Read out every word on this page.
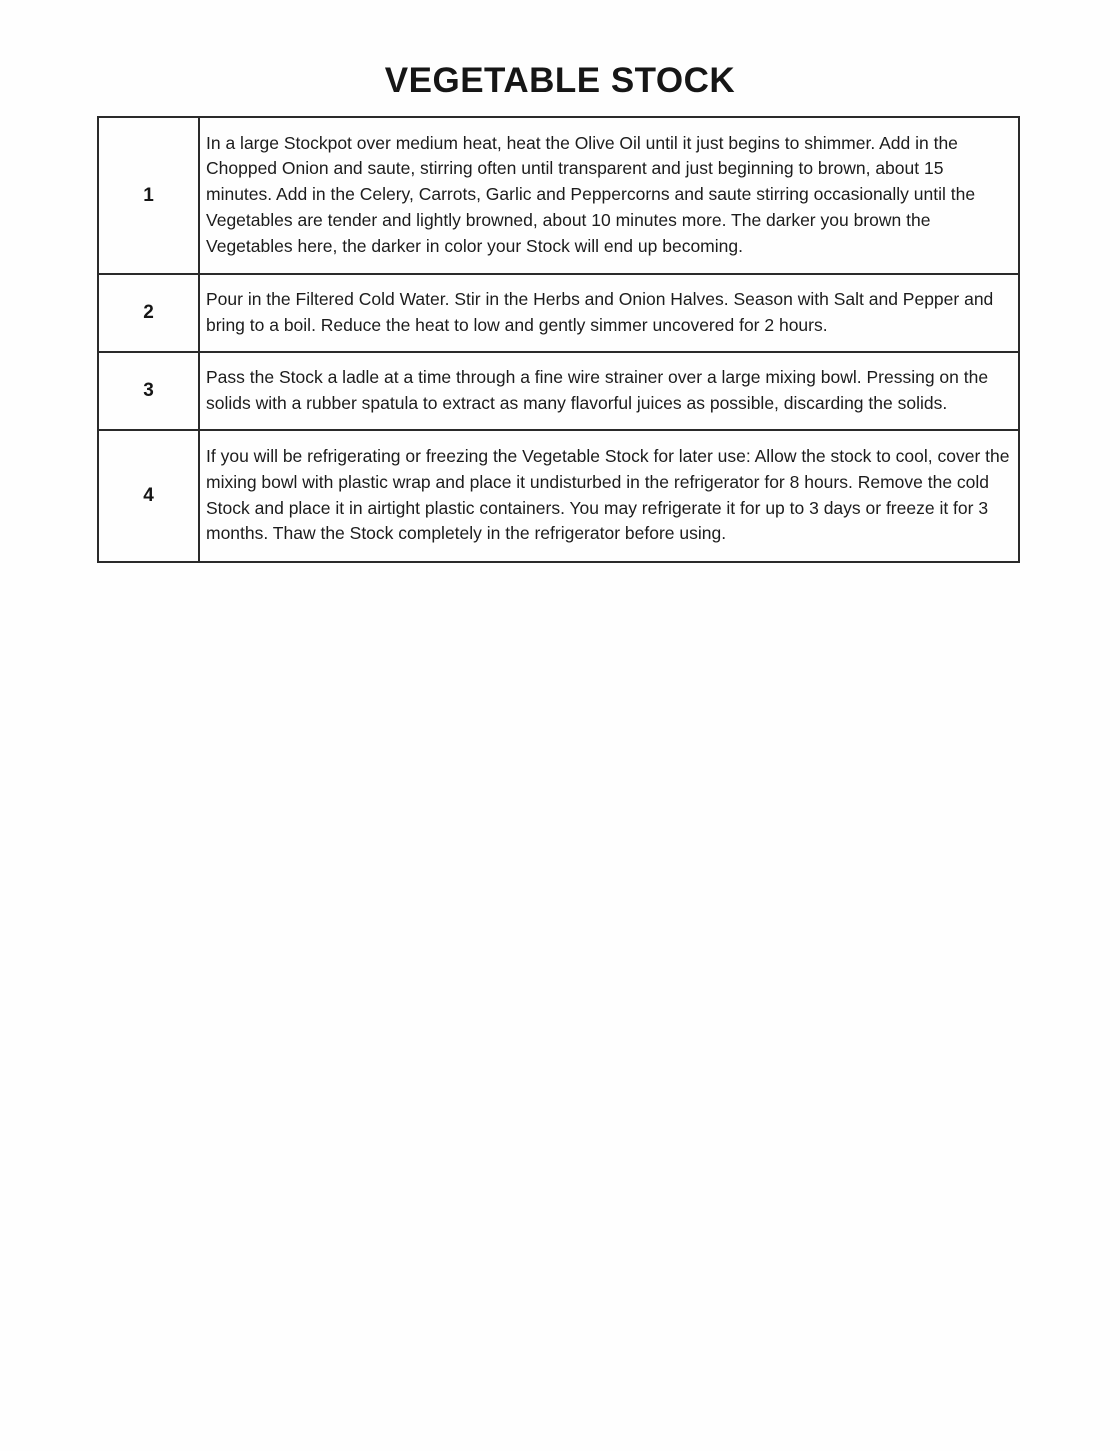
VEGETABLE STOCK
1	In a large Stockpot over medium heat, heat the Olive Oil until it just begins to shimmer. Add in the Chopped Onion and saute, stirring often until transparent and just beginning to brown, about 15 minutes. Add in the Celery, Carrots, Garlic and Peppercorns and saute stirring occasionally until the Vegetables are tender and lightly browned, about 10 minutes more. The darker you brown the Vegetables here, the darker in color your Stock will end up becoming.
2	Pour in the Filtered Cold Water. Stir in the Herbs and Onion Halves. Season with Salt and Pepper and bring to a boil. Reduce the heat to low and gently simmer uncovered for 2 hours.
3	Pass the Stock a ladle at a time through a fine wire strainer over a large mixing bowl. Pressing on the solids with a rubber spatula to extract as many flavorful juices as possible, discarding the solids.
4	If you will be refrigerating or freezing the Vegetable Stock for later use: Allow the stock to cool, cover the mixing bowl with plastic wrap and place it undisturbed in the refrigerator for 8 hours. Remove the cold Stock and place it in airtight plastic containers. You may refrigerate it for up to 3 days or freeze it for 3 months. Thaw the Stock completely in the refrigerator before using.
